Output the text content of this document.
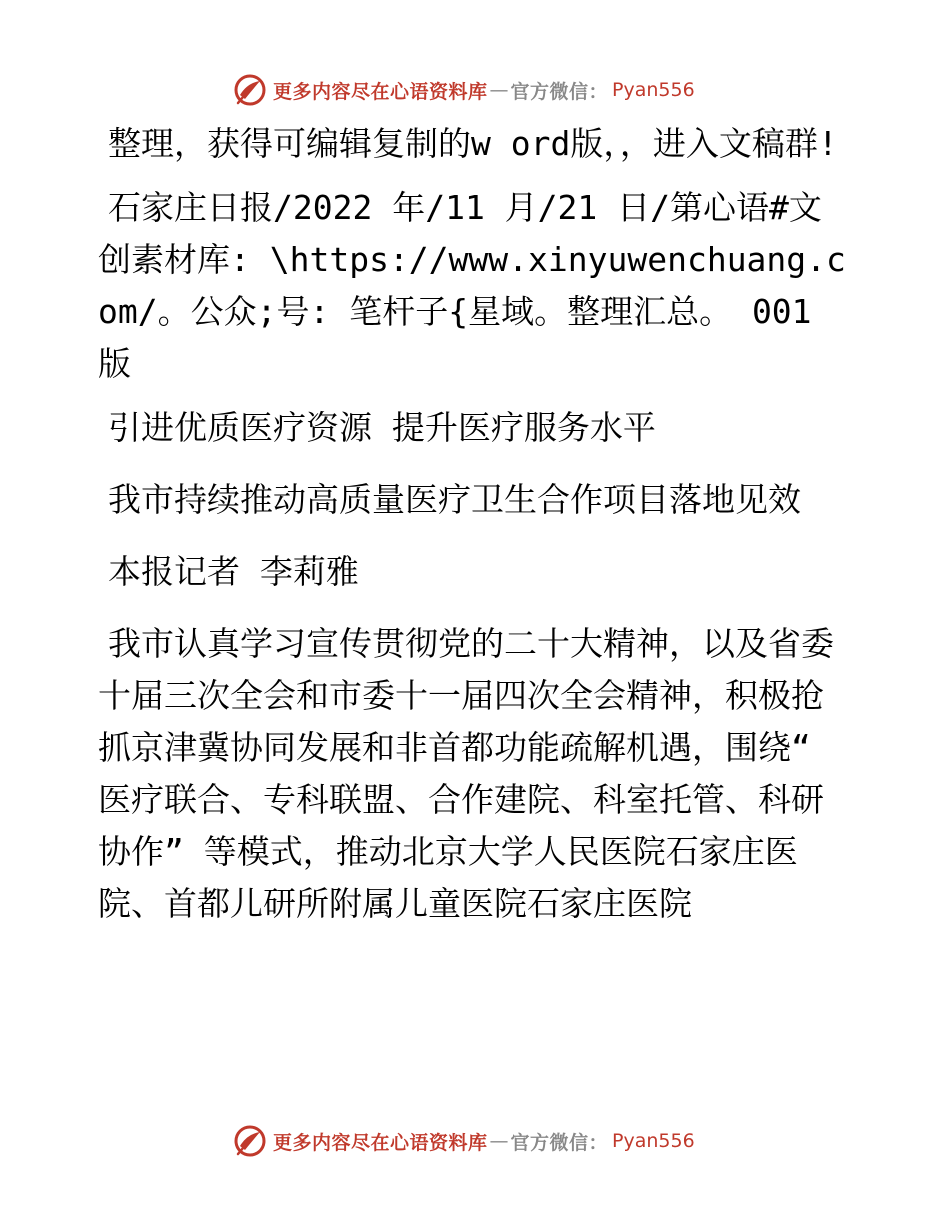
更多内容尽在心语资料库 — 官方微信： Pyan556

整理，获得可编辑复制的w ord版，，进入文稿群!

石家庄日报/2022 年/11 月/21 日/第心语#文创素材库: \https://www.xinyuwenchuang.com/。公众;号: 笔杆子{星域。整理汇总。 001 版

引进优质医疗资源 提升医疗服务水平

我市持续推动高质量医疗卫生合作项目落地见效

本报记者 李莉雅

我市认真学习宣传贯彻党的二十大精神，以及省委十届三次全会和市委十一届四次全会精神，积极抢抓京津冀协同发展和非首都功能疏解机遇，围绕“ 医疗联合、专科联盟、合作建院、科室托管、科研协作” 等模式，推动北京大学人民医院石家庄医院、首都儿研所附属儿童医院石家庄医院

更多内容尽在心语资料库 — 官方微信： Pyan556
